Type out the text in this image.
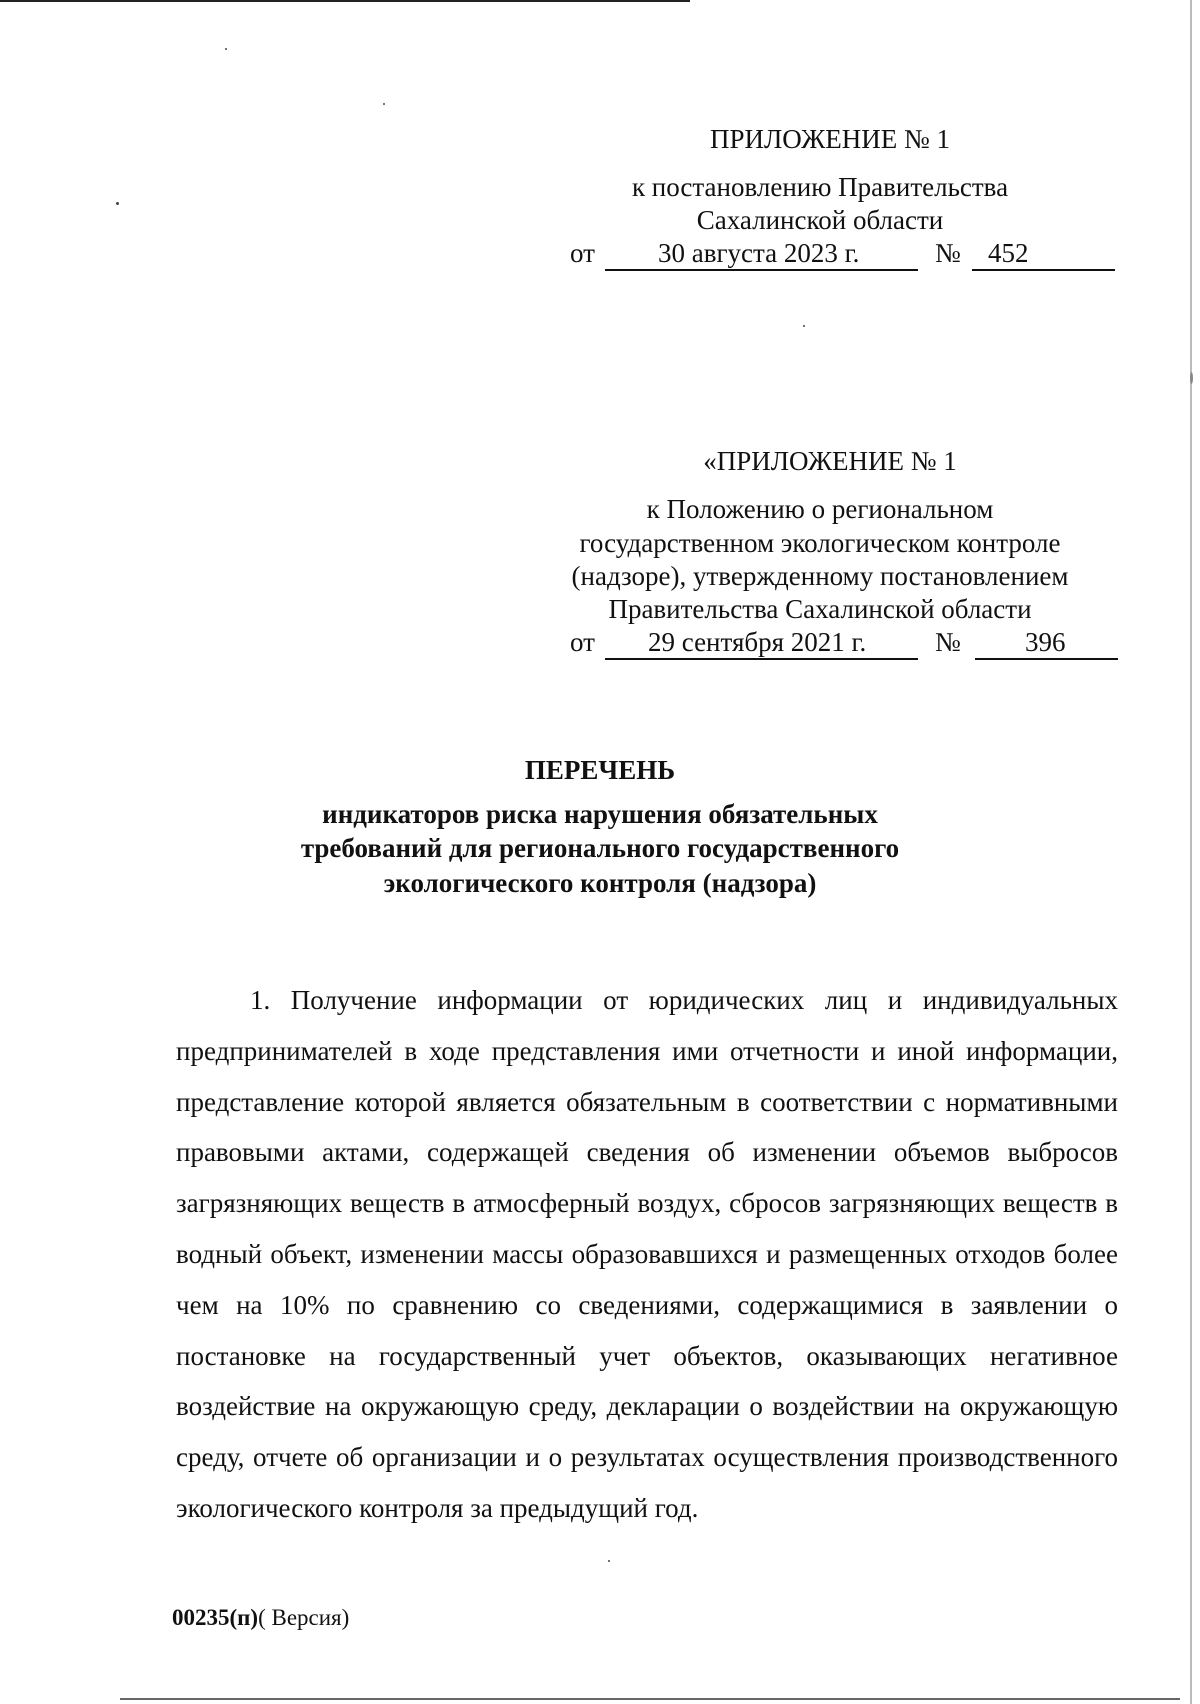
ПРИЛОЖЕНИЕ № 1
к постановлению Правительства
Сахалинской области
от 30 августа 2023 г.	№ 452
«ПРИЛОЖЕНИЕ № 1
к Положению о региональном
государственном экологическом контроле
(надзоре), утвержденному постановлением
Правительства Сахалинской области
от 29 сентября 2021 г.	№ 396
ПЕРЕЧЕНЬ
индикаторов риска нарушения обязательных
требований для регионального государственного
экологического контроля (надзора)
1. Получение информации от юридических лиц и индивидуальных предпринимателей в ходе представления ими отчетности и иной информации, представление которой является обязательным в соответствии с нормативными правовыми актами, содержащей сведения об изменении объемов выбросов загрязняющих веществ в атмосферный воздух, сбросов загрязняющих веществ в водный объект, изменении массы образовавшихся и размещенных отходов более чем на 10% по сравнению со сведениями, содержащимися в заявлении о постановке на государственный учет объектов, оказывающих негативное воздействие на окружающую среду, декларации о воздействии на окружающую среду, отчете об организации и о результатах осуществления производственного экологического контроля за предыдущий год.
00235(п)( Версия)
